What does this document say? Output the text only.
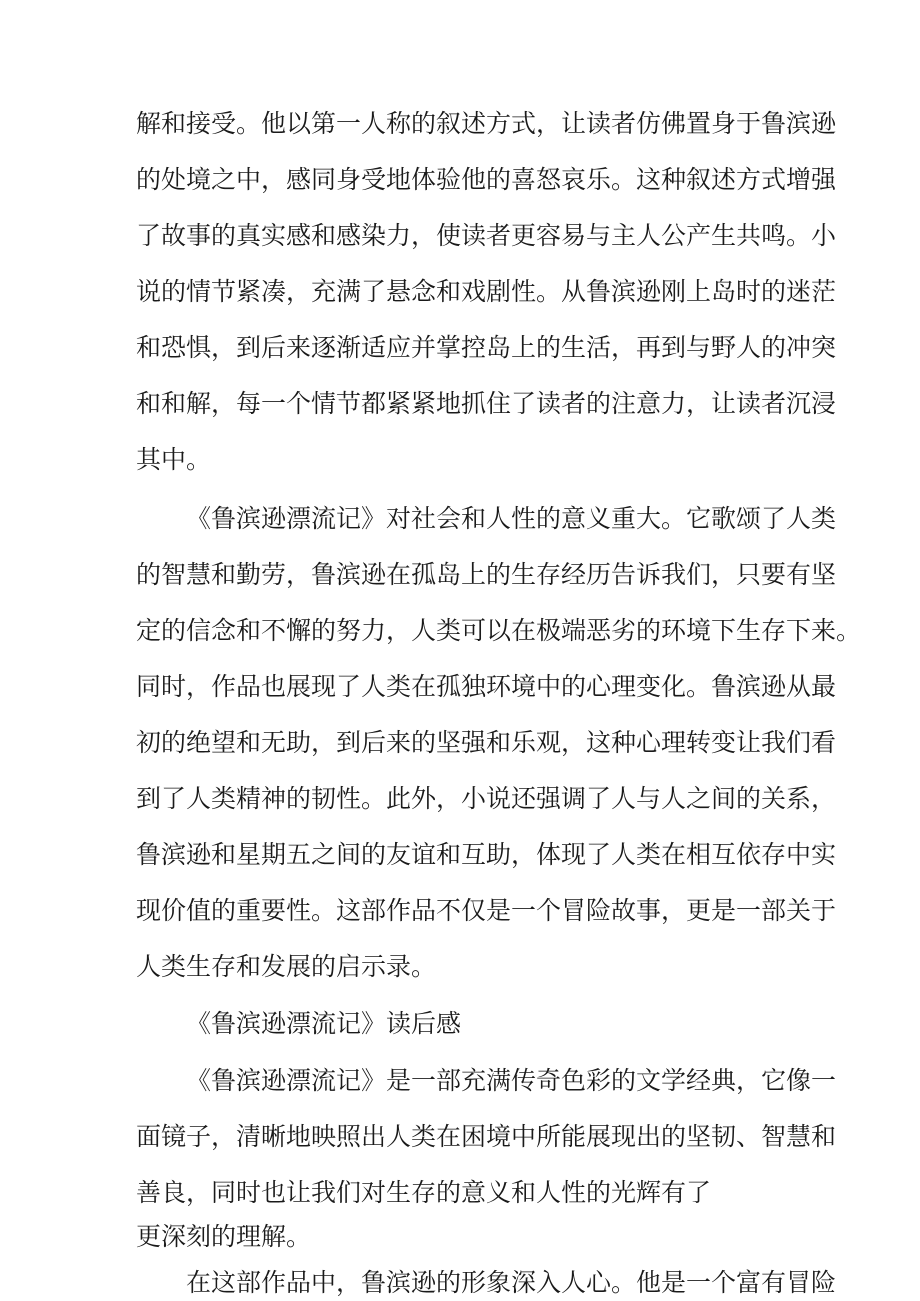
解和接受。他以第一人称的叙述方式，让读者仿佛置身于鲁滨逊
的处境之中，感同身受地体验他的喜怒哀乐。这种叙述方式增强
了故事的真实感和感染力，使读者更容易与主人公产生共鸣。小
说的情节紧凑，充满了悬念和戏剧性。从鲁滨逊刚上岛时的迷茫
和恐惧，到后来逐渐适应并掌控岛上的生活，再到与野人的冲突
和和解，每一个情节都紧紧地抓住了读者的注意力，让读者沉浸
其中。
《鲁滨逊漂流记》对社会和人性的意义重大。它歌颂了人类
的智慧和勤劳，鲁滨逊在孤岛上的生存经历告诉我们，只要有坚
定的信念和不懈的努力，人类可以在极端恶劣的环境下生存下来。
同时，作品也展现了人类在孤独环境中的心理变化。鲁滨逊从最
初的绝望和无助，到后来的坚强和乐观，这种心理转变让我们看
到了人类精神的韧性。此外，小说还强调了人与人之间的关系，
鲁滨逊和星期五之间的友谊和互助，体现了人类在相互依存中实
现价值的重要性。这部作品不仅是一个冒险故事，更是一部关于
人类生存和发展的启示录。
《鲁滨逊漂流记》读后感
《鲁滨逊漂流记》是一部充满传奇色彩的文学经典，它像一
面镜子，清晰地映照出人类在困境中所能展现出的坚韧、智慧和
善良，同时也让我们对生存的意义和人性的光辉有了
更深刻的理解。
在这部作品中，鲁滨逊的形象深入人心。他是一个富有冒险
